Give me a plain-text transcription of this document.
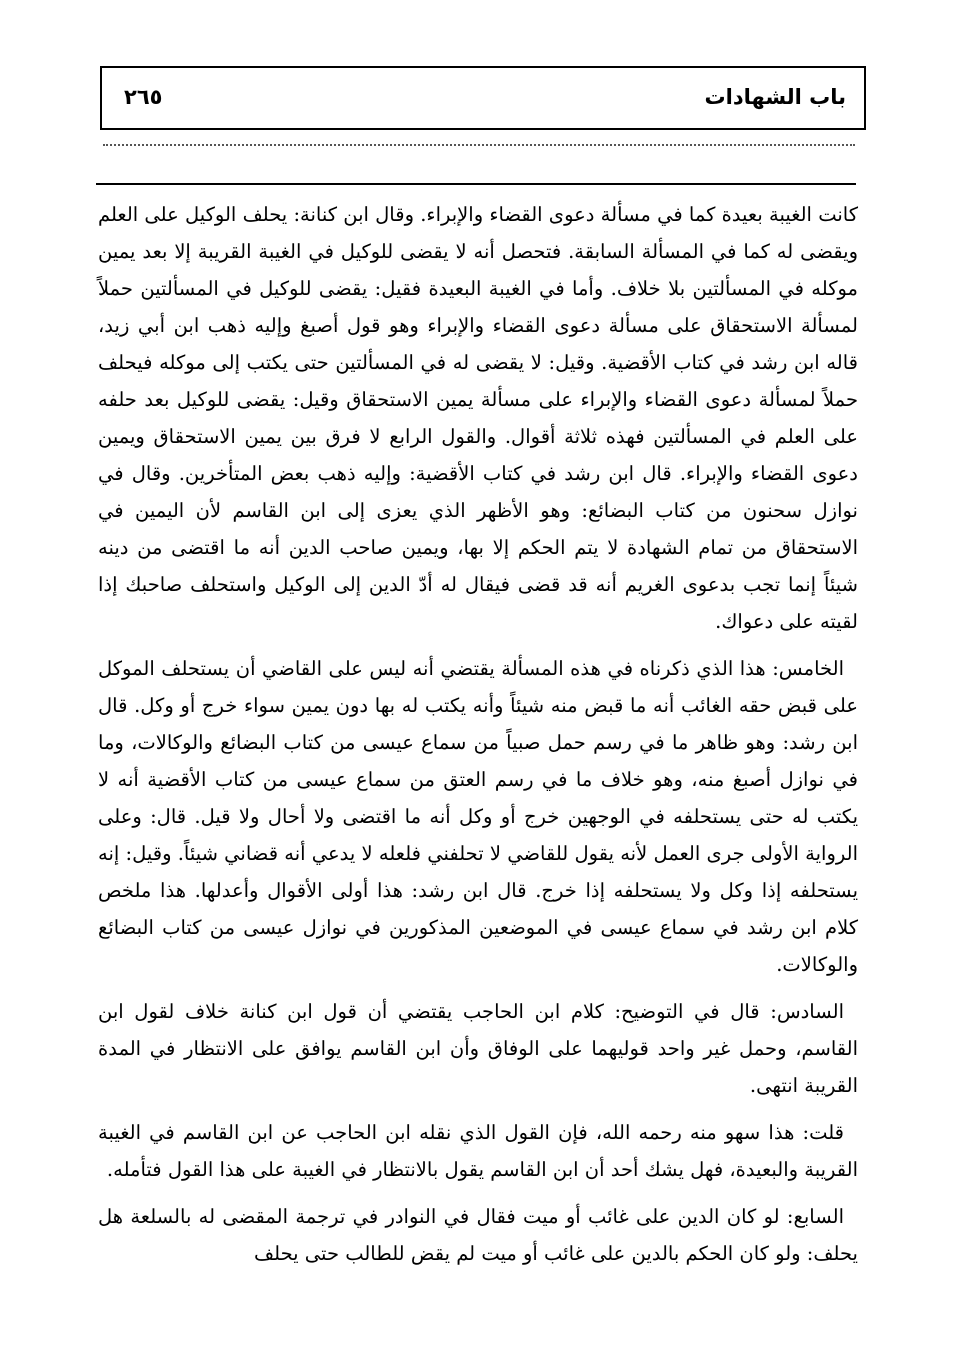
باب الشهادات
٢٦٥

كانت الغيبة بعيدة كما في مسألة دعوى القضاء والإبراء. وقال ابن كنانة: يحلف الوكيل على العلم ويقضى له كما في المسألة السابقة. فتحصل أنه لا يقضى للوكيل في الغيبة القريبة إلا بعد يمين موكله في المسألتين بلا خلاف. وأما في الغيبة البعيدة فقيل: يقضى للوكيل في المسألتين حملاً لمسألة الاستحقاق على مسألة دعوى القضاء والإبراء وهو قول أصبغ وإليه ذهب ابن أبي زيد، قاله ابن رشد في كتاب الأقضية. وقيل: لا يقضى له في المسألتين حتى يكتب إلى موكله فيحلف حملاً لمسألة دعوى القضاء والإبراء على مسألة يمين الاستحقاق وقيل: يقضى للوكيل بعد حلفه على العلم في المسألتين فهذه ثلاثة أقوال. والقول الرابع لا فرق بين يمين الاستحقاق ويمين دعوى القضاء والإبراء. قال ابن رشد في كتاب الأقضية: وإليه ذهب بعض المتأخرين. وقال في نوازل سحنون من كتاب البضائع: وهو الأظهر الذي يعزى إلى ابن القاسم لأن اليمين في الاستحقاق من تمام الشهادة لا يتم الحكم إلا بها، ويمين صاحب الدين أنه ما اقتضى من دينه شيئاً إنما تجب بدعوى الغريم أنه قد قضى فيقال له أدّ الدين إلى الوكيل واستحلف صاحبك إذا لقيته على دعواك.

الخامس: هذا الذي ذكرناه في هذه المسألة يقتضي أنه ليس على القاضي أن يستحلف الموكل على قبض حقه الغائب أنه ما قبض منه شيئاً وأنه يكتب له بها دون يمين سواء خرج أو وكل. قال ابن رشد: وهو ظاهر ما في رسم حمل صبياً من سماع عيسى من كتاب البضائع والوكالات، وما في نوازل أصبغ منه، وهو خلاف ما في رسم العتق من سماع عيسى من كتاب الأقضية أنه لا يكتب له حتى يستحلفه في الوجهين خرج أو وكل أنه ما اقتضى ولا أحال ولا قيل. قال: وعلى الرواية الأولى جرى العمل لأنه يقول للقاضي لا تحلفني فلعله لا يدعي أنه قضاني شيئاً. وقيل: إنه يستحلفه إذا وكل ولا يستحلفه إذا خرج. قال ابن رشد: هذا أولى الأقوال وأعدلها. هذا ملخص كلام ابن رشد في سماع عيسى في الموضعين المذكورين في نوازل عيسى من كتاب البضائع والوكالات.

السادس: قال في التوضيح: كلام ابن الحاجب يقتضي أن قول ابن كنانة خلاف لقول ابن القاسم، وحمل غير واحد قوليهما على الوفاق وأن ابن القاسم يوافق على الانتظار في المدة القريبة انتهى.

قلت: هذا سهو منه رحمه الله، فإن القول الذي نقله ابن الحاجب عن ابن القاسم في الغيبة القريبة والبعيدة، فهل يشك أحد أن ابن القاسم يقول بالانتظار في الغيبة على هذا القول فتأمله.

السابع: لو كان الدين على غائب أو ميت فقال في النوادر في ترجمة المقضى له بالسلعة هل يحلف: ولو كان الحكم بالدين على غائب أو ميت لم يقض للطالب حتى يحلف
